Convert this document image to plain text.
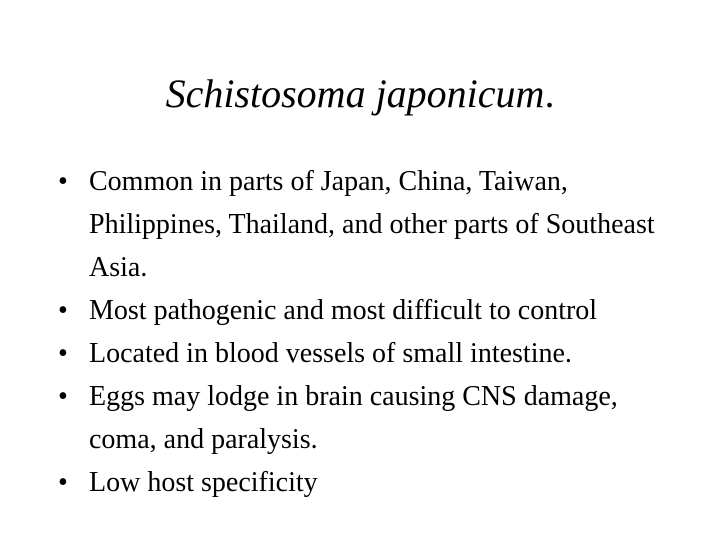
Schistosoma japonicum.
• Common in parts of Japan, China, Taiwan, Philippines, Thailand, and other parts of Southeast Asia.
• Most pathogenic and most difficult to control
• Located in blood vessels of small intestine.
• Eggs may lodge in brain causing CNS damage, coma, and paralysis.
• Low host specificity
